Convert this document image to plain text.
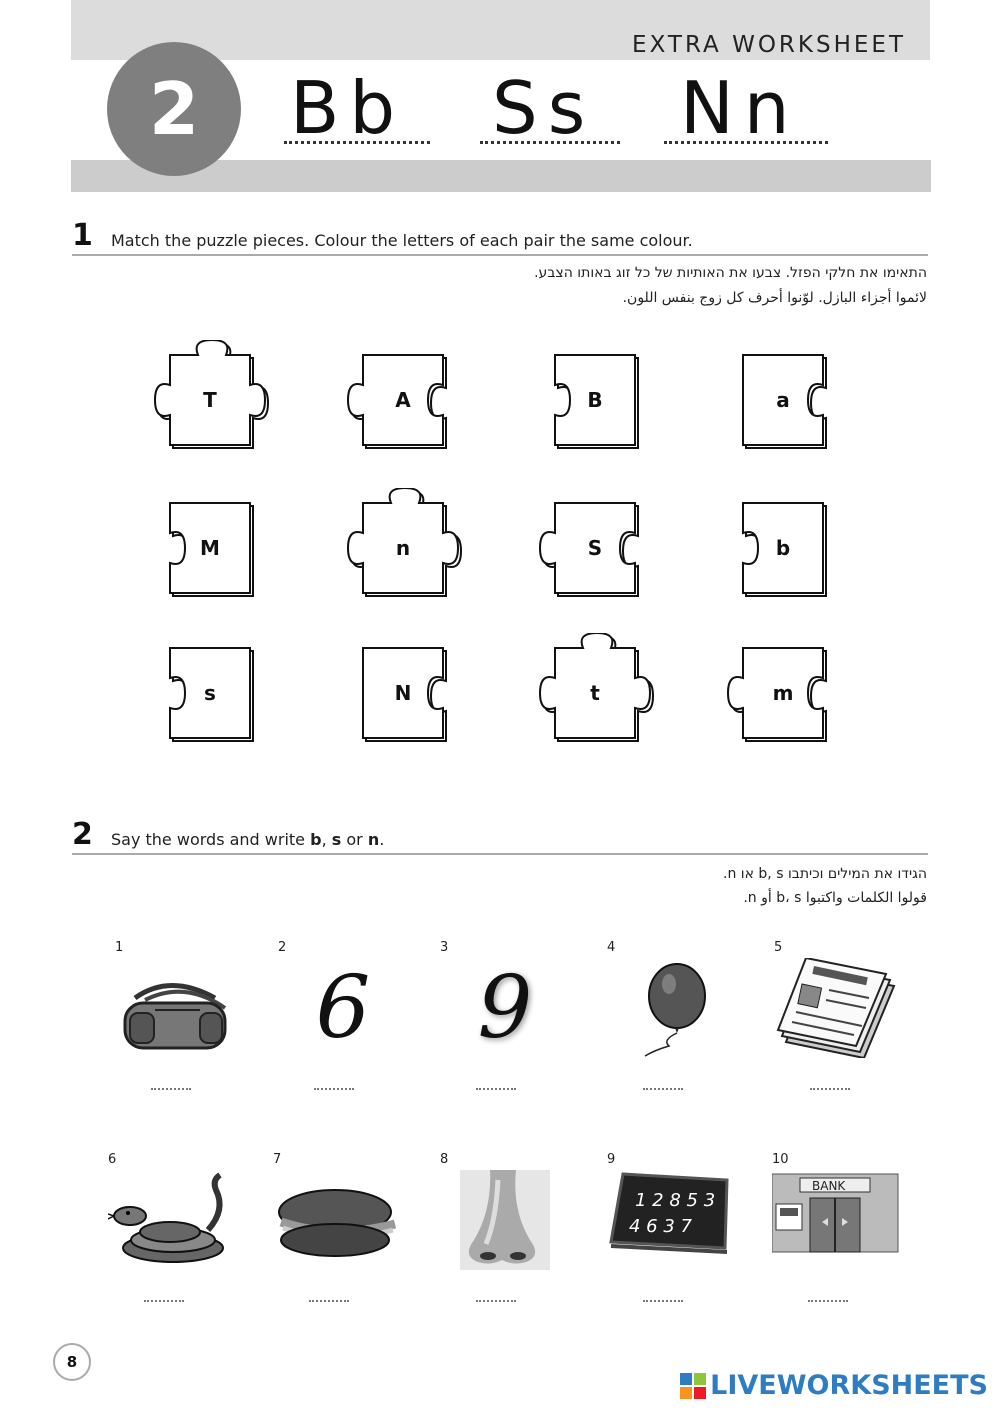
EXTRA WORKSHEET
2 Bb Ss Nn
1 Match the puzzle pieces. Colour the letters of each pair the same colour.
התאימו את חלקי הפזל. צבעו את האותיות של כל זוג באותו הצבע.
لائموا أجزاء البازل. لوّنوا أحرف كل زوج بنفس اللون.
T	A	B	a
M	n	S	b
s	N	t	m
2 Say the words and write b, s or n.
הגידו את המילים וכיתבו b, s או n.
قولوا الكلمات واكتبوا b، s أو n.
1	2
6
3
9
4	5
6	7	8	9
1 2 8 5 3
4 6 3 7
10
BANK
8
LIVEWORKSHEETS
